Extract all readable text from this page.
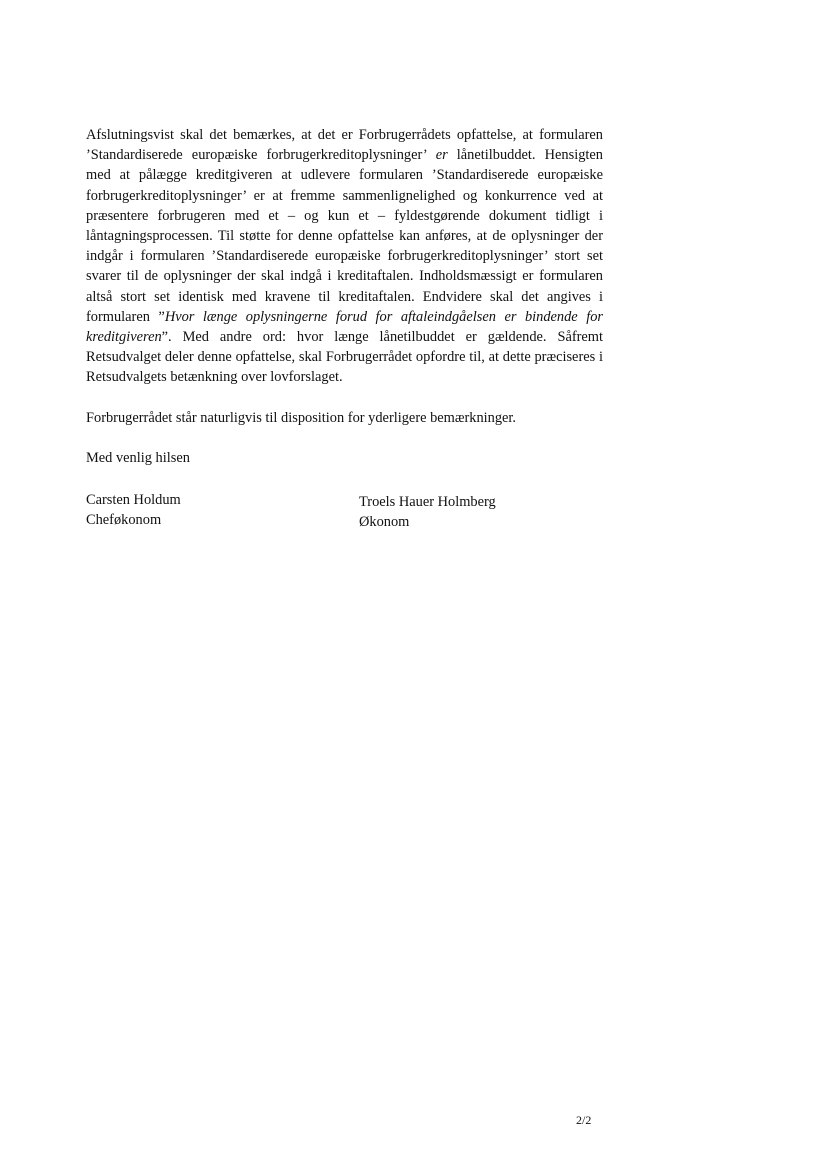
Afslutningsvist skal det bemærkes, at det er Forbrugerrådets opfattelse, at formularen ’Standardiserede europæiske forbrugerkreditoplysninger’ er lånetilbuddet. Hensigten med at pålægge kreditgiveren at udlevere formularen ’Standardiserede europæiske forbrugerkreditoplysninger’ er at fremme sammenlignelighed og konkurrence ved at præsentere forbrugeren med et – og kun et – fyldestgørende dokument tidligt i låntagningsprocessen. Til støtte for denne opfattelse kan anføres, at de oplysninger der indgår i formularen ’Standardiserede europæiske forbrugerkreditoplysninger’ stort set svarer til de oplysninger der skal indgå i kreditaftalen. Indholdsmæssigt er formularen altså stort set identisk med kravene til kreditaftalen. Endvidere skal det angives i formularen ”Hvor længe oplysningerne forud for aftaleindgåelsen er bindende for kreditgiveren”. Med andre ord: hvor længe lånetilbuddet er gældende. Såfremt Retsudvalget deler denne opfattelse, skal Forbrugerrådet opfordre til, at dette præciseres i Retsudvalgets betænkning over lovforslaget.

Forbrugerrådet står naturligvis til disposition for yderligere bemærkninger.

Med venlig hilsen

Carsten Holdum
Cheføkonom
Troels Hauer Holmberg
Økonom
2/2
